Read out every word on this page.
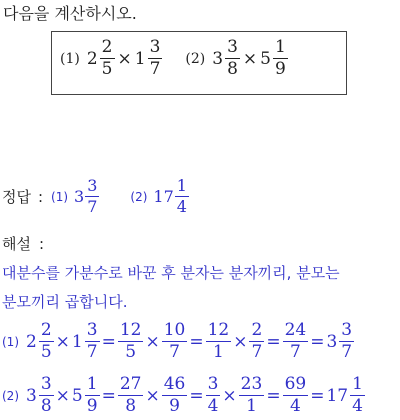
다음을 계산하시오.
(1) $2 \frac{2}{5} \times 1 \frac{3}{7} (2)$ $3 \frac{3}{8} \times 5 \frac{1}{9}$
정답 : (1) $3 \frac{3}{7}$	(2) $17 \frac{1}{4}$
해설 :
대분수를 가분수로 바꾼 후 분자는 분자끼리, 분모는
분모끼리 곱합니다.
(1) $2 \frac{2}{5} \times 1 \frac{3}{7} = \frac{12}{5} \times \frac{10}{7} = \frac{12}{1} \times \frac{2}{7} = \frac{24}{7} = 3 \frac{3}{7}$
(2) $3 \frac{3}{8} \times 5 \frac{1}{9} = \frac{27}{8} \times \frac{46}{9} = \frac{3}{4} \times \frac{23}{1} = \frac{69}{4} = 17 \frac{1}{4}$
